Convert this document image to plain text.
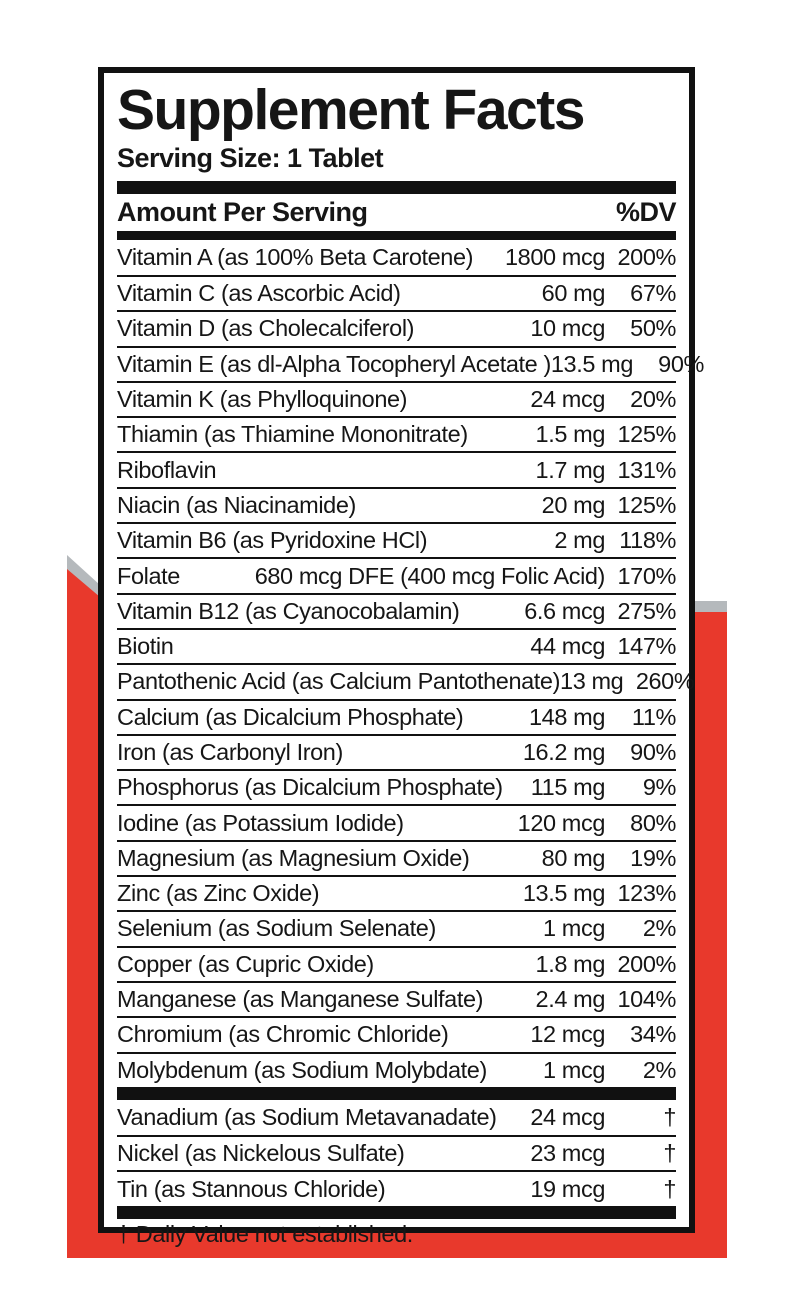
Supplement Facts
Serving Size: 1 Tablet
Amount Per Serving	%DV
Vitamin A (as 100% Beta Carotene)	1800 mcg 200%
Vitamin C (as Ascorbic Acid)	60 mg	67%
Vitamin D (as Cholecalciferol)	10 mcg	50%
Vitamin E (as dl-Alpha Tocopheryl Acetate ) 13.5 mg	90%
Vitamin K (as Phylloquinone)	24 mcg	20%
Thiamin (as Thiamine Mononitrate)	1.5 mg 125%
Riboflavin	1.7 mg 131%
Niacin (as Niacinamide)	20 mg 125%
Vitamin B6 (as Pyridoxine HCl)	2 mg 118%
Folate	680 mcg DFE (400 mcg Folic Acid) 170%
Vitamin B12 (as Cyanocobalamin)	6.6 mcg 275%
Biotin	44 mcg 147%
Pantothenic Acid (as Calcium Pantothenate) 13 mg 260%
Calcium (as Dicalcium Phosphate)	148 mg	11%
Iron (as Carbonyl Iron)	16.2 mg	90%
Phosphorus (as Dicalcium Phosphate)	115 mg	9%
Iodine (as Potassium Iodide)	120 mcg	80%
Magnesium (as Magnesium Oxide)	80 mg	19%
Zinc (as Zinc Oxide)	13.5 mg 123%
Selenium (as Sodium Selenate)	1 mcg	2%
Copper (as Cupric Oxide)	1.8 mg 200%
Manganese (as Manganese Sulfate)	2.4 mg 104%
Chromium (as Chromic Chloride)	12 mcg	34%
Molybdenum (as Sodium Molybdate)	1 mcg	2%
Vanadium (as Sodium Metavanadate)	24 mcg	†
Nickel (as Nickelous Sulfate)	23 mcg	†
Tin (as Stannous Chloride)	19 mcg	†
† Daily Value not established.
